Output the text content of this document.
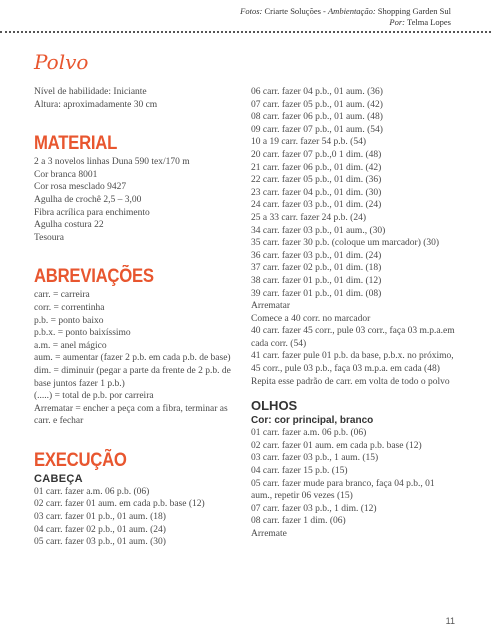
Fotos: Criarte Soluções - Ambientação: Shopping Garden Sul
Por: Telma Lopes
Polvo
Nível de habilidade: Iniciante
Altura: aproximadamente 30 cm
MATERIAL
2 a 3 novelos linhas Duna 590 tex/170 m
Cor branca 8001
Cor rosa mesclado 9427
Agulha de crochê 2,5 – 3,00
Fibra acrílica para enchimento
Agulha costura 22
Tesoura
ABREVIAÇÕES
carr. = carreira
corr. = correntinha
p.b. = ponto baixo
p.b.x. = ponto baixíssimo
a.m. = anel mágico
aum. = aumentar (fazer 2 p.b. em cada p.b. de base)
dim. = diminuir (pegar a parte da frente de 2 p.b. de base juntos fazer 1 p.b.)
(.....) = total de p.b. por carreira
Arrematar = encher a peça com a fibra, terminar as carr. e fechar
EXECUÇÃO
CABEÇA
01 carr. fazer a.m. 06 p.b. (06)
02 carr. fazer 01 aum. em cada p.b. base (12)
03 carr. fazer 01 p.b., 01 aum. (18)
04 carr. fazer 02 p.b., 01 aum. (24)
05 carr. fazer 03 p.b., 01 aum. (30)
06 carr. fazer 04 p.b., 01 aum. (36)
07 carr. fazer 05 p.b., 01 aum. (42)
08 carr. fazer 06 p.b., 01 aum. (48)
09 carr. fazer 07 p.b., 01 aum. (54)
10 a 19 carr. fazer 54 p.b. (54)
20 carr. fazer 07 p.b.,0 1 dim. (48)
21 carr. fazer 06 p.b., 01 dim. (42)
22 carr. fazer 05 p.b., 01 dim. (36)
23 carr. fazer 04 p.b., 01 dim. (30)
24 carr. fazer 03 p.b., 01 dim. (24)
25 a 33 carr. fazer 24 p.b. (24)
34 carr. fazer 03 p.b., 01 aum., (30)
35 carr. fazer 30 p.b. (coloque um marcador) (30)
36 carr. fazer 03 p.b., 01 dim. (24)
37 carr. fazer 02 p.b., 01 dim. (18)
38 carr. fazer 01 p.b., 01 dim. (12)
39 carr. fazer 01 p.b., 01 dim. (08)
Arrematar
Comece a 40 corr. no marcador
40 carr. fazer 45 corr., pule 03 corr., faça 03 m.p.a.em cada corr. (54)
41 carr. fazer pule 01 p.b. da base, p.b.x. no próximo, 45 corr., pule 03 p.b., faça 03 m.p.a. em cada (48)
Repita esse padrão de carr. em volta de todo o polvo
OLHOS
Cor: cor principal, branco
01 carr. fazer a.m. 06 p.b. (06)
02 carr. fazer 01 aum. em cada p.b. base (12)
03 carr. fazer 03 p.b., 1 aum. (15)
04 carr. fazer 15 p.b. (15)
05 carr. fazer mude para branco, faça 04 p.b., 01 aum., repetir 06 vezes (15)
07 carr. fazer 03 p.b., 1 dim. (12)
08 carr. fazer 1 dim. (06)
Arremate
11
